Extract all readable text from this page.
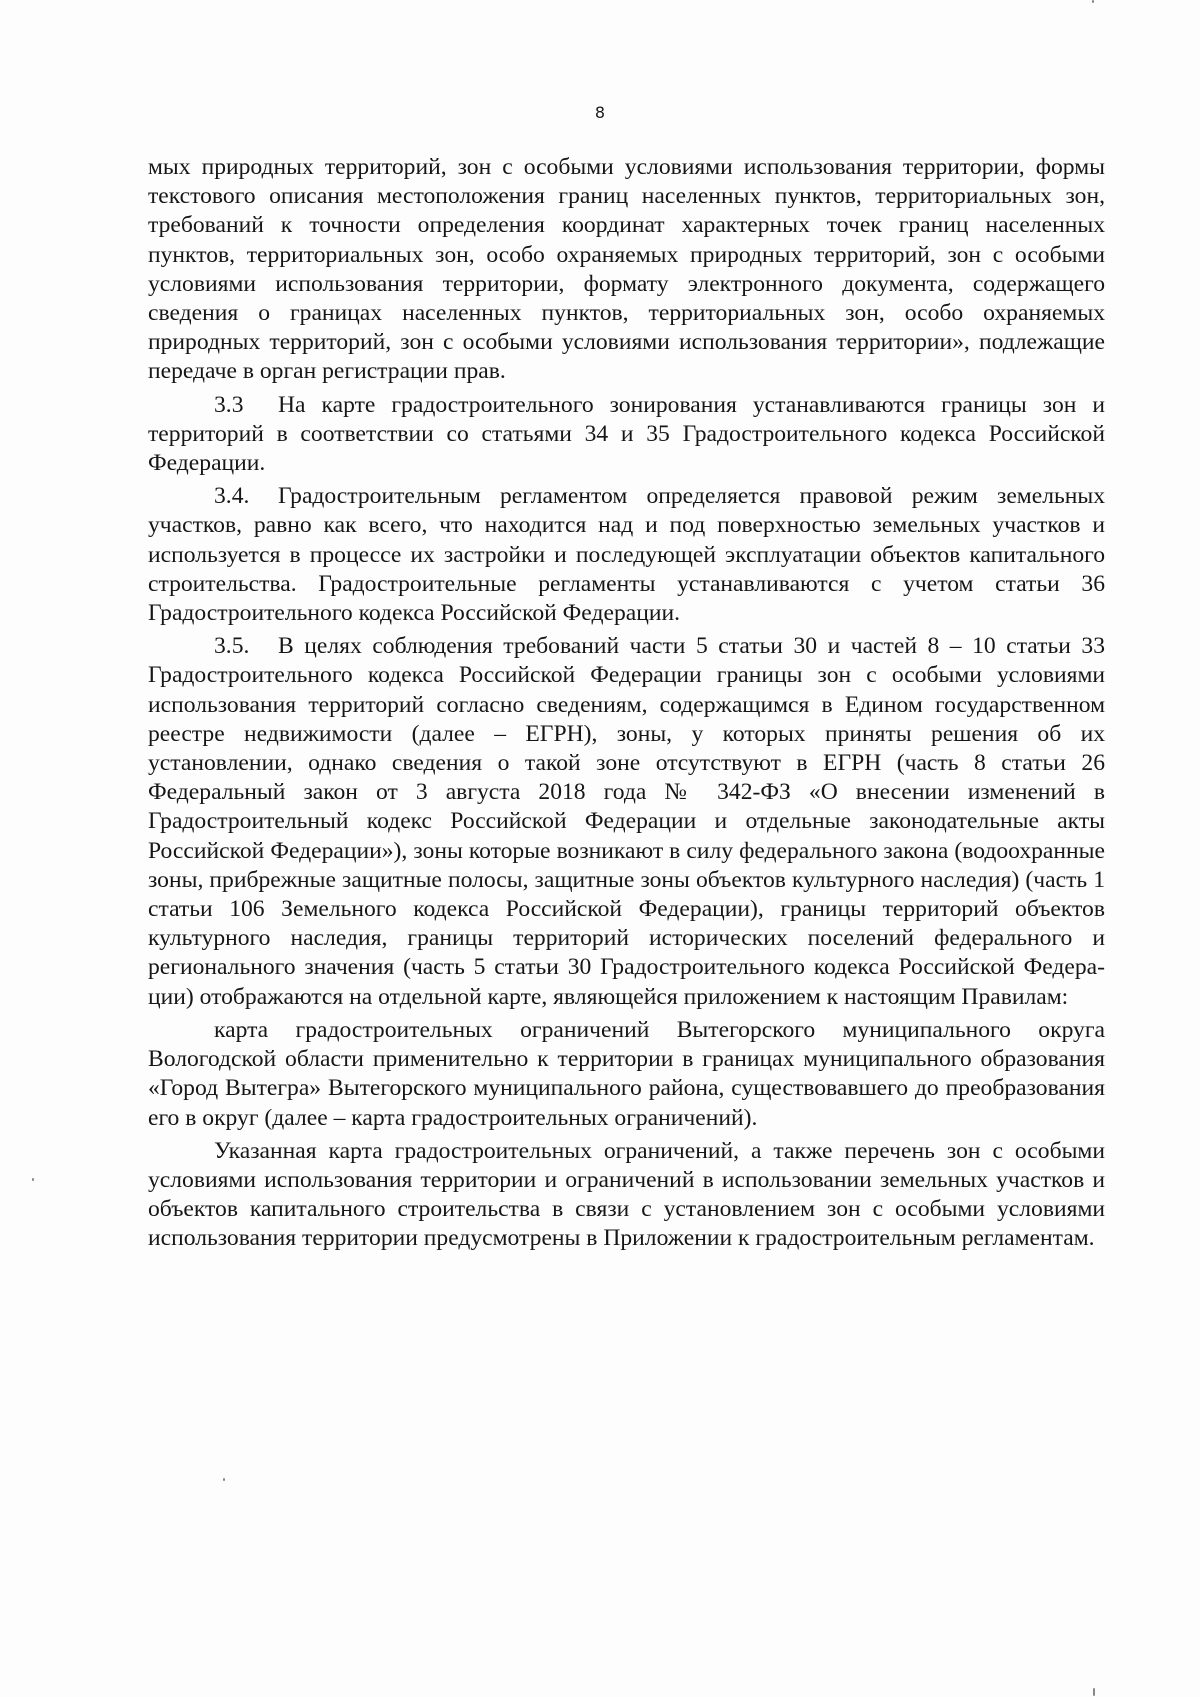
8

мых природных территорий, зон с особыми условиями использования территории, формы текстового описания местоположения границ населенных пунктов, территориальных зон, требований к точности определения координат характерных точек границ населенных пунктов, территориальных зон, особо охраняемых природных территорий, зон с особыми условиями использования территории, формату электронного документа, содержащего сведения о границах населенных пунктов, территориальных зон, особо охраняемых природных территорий, зон с особыми условиями использования территории», подлежащие передаче в орган регистрации прав.

3.3 На карте градостроительного зонирования устанавливаются границы зон и территорий в соответствии со статьями 34 и 35 Градостроительного кодекса Российской Федерации.

3.4. Градостроительным регламентом определяется правовой режим земельных участков, равно как всего, что находится над и под поверхностью земельных участков и используется в процессе их застройки и последующей эксплуатации объектов капитального строительства. Градостроительные регламенты устанавливаются с учетом статьи 36 Градостроительного кодекса Российской Федерации.

3.5. В целях соблюдения требований части 5 статьи 30 и частей 8 – 10 статьи 33 Градостроительного кодекса Российской Федерации границы зон с особыми условиями использования территорий согласно сведениям, содержащимся в Едином государственном реестре недвижимости (далее – ЕГРН), зоны, у которых приняты решения об их установлении, однако сведения о такой зоне отсутствуют в ЕГРН (часть 8 статьи 26 Федеральный закон от 3 августа 2018 года № 342-ФЗ «О внесении изменений в Градостроительный кодекс Российской Федерации и отдельные законодательные акты Российской Федерации»), зоны которые возникают в силу федерального закона (водоохранные зоны, прибрежные защитные полосы, защитные зоны объектов культурного наследия) (часть 1 статьи 106 Земельного кодекса Российской Федерации), границы территорий объектов культурного наследия, границы территорий исторических поселений федерального и регионального значения (часть 5 статьи 30 Градостроительного кодекса Российской Федерации) отображаются на отдельной карте, являющейся приложением к настоящим Правилам:

карта градостроительных ограничений Вытегорского муниципального округа Вологодской области применительно к территории в границах муниципального образования «Город Вытегра» Вытегорского муниципального района, существовавшего до преобразования его в округ (далее – карта градостроительных ограничений).

Указанная карта градостроительных ограничений, а также перечень зон с особыми условиями использования территории и ограничений в использовании земельных участков и объектов капитального строительства в связи с установлением зон с особыми условиями использования территории предусмотрены в Приложении к градостроительным регламентам.
